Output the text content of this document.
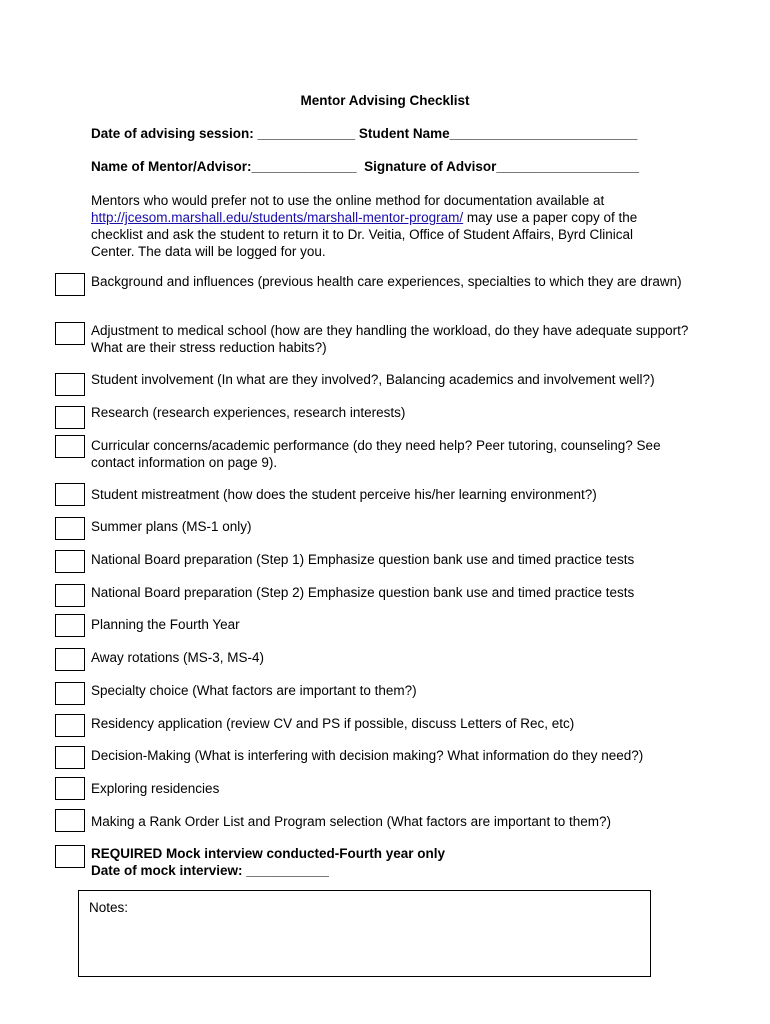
Mentor Advising Checklist
Date of advising session: _____________ Student Name_________________________
Name of Mentor/Advisor:______________  Signature of Advisor___________________
Mentors who would prefer not to use the online method for documentation available at http://jcesom.marshall.edu/students/marshall-mentor-program/ may use a paper copy of the checklist and ask the student to return it to Dr. Veitia, Office of Student Affairs, Byrd Clinical Center. The data will be logged for you.
Background and influences (previous health care experiences, specialties to which they are drawn)
Adjustment to medical school (how are they handling the workload, do they have adequate support? What are their stress reduction habits?)
Student involvement (In what are they involved?, Balancing academics and involvement well?)
Research (research experiences, research interests)
Curricular concerns/academic performance (do they need help? Peer tutoring, counseling? See contact information on page 9).
Student mistreatment (how does the student perceive his/her learning environment?)
Summer plans (MS-1 only)
National Board preparation (Step 1) Emphasize question bank use and timed practice tests
National Board preparation (Step 2) Emphasize question bank use and timed practice tests
Planning the Fourth Year
Away rotations (MS-3, MS-4)
Specialty choice (What factors are important to them?)
Residency application (review CV and PS if possible, discuss Letters of Rec, etc)
Decision-Making (What is interfering with decision making? What information do they need?)
Exploring residencies
Making a Rank Order List and Program selection (What factors are important to them?)
REQUIRED Mock interview conducted-Fourth year only
Date of mock interview: ___________
Notes:
